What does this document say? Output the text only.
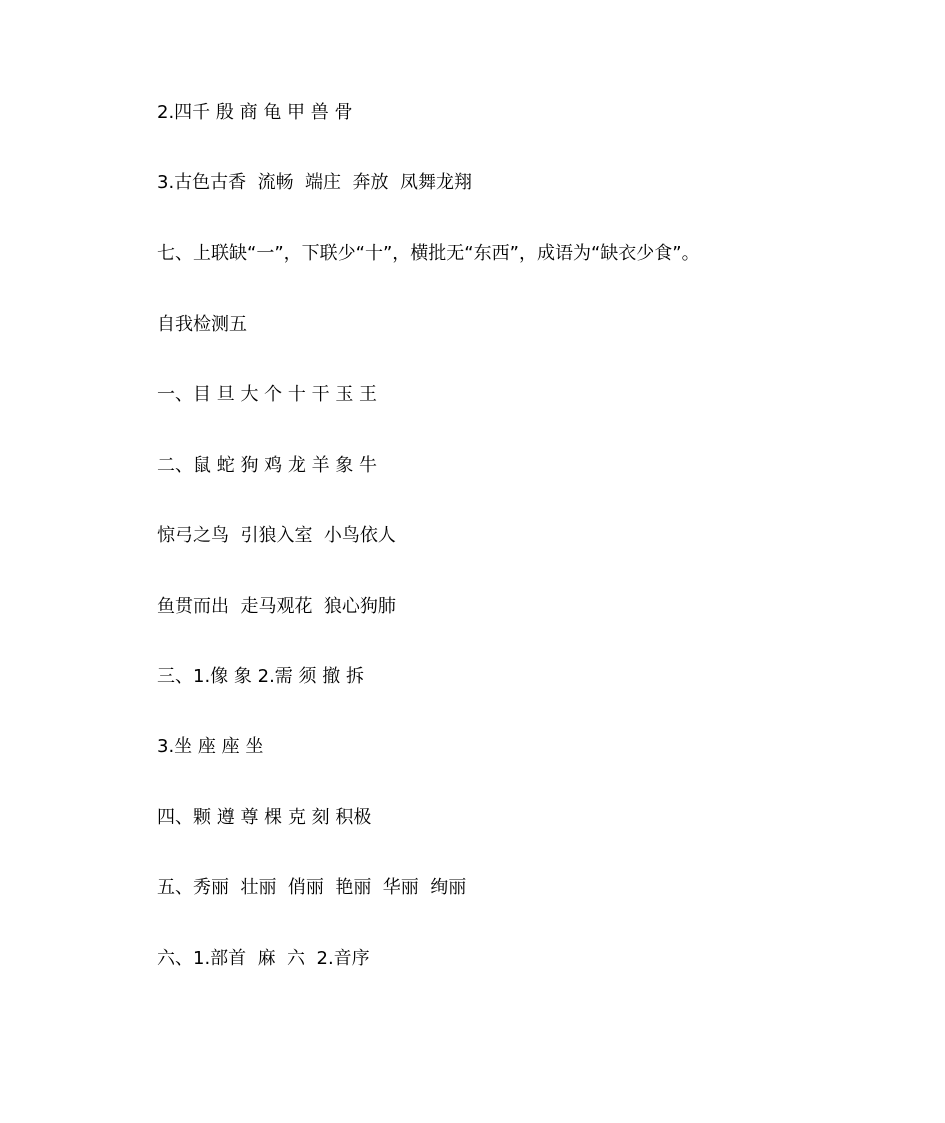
2.四千 殷 商 龟 甲 兽 骨
3.古色古香  流畅  端庄  奔放  凤舞龙翔
七、上联缺“一”，下联少“十”，横批无“东西”，成语为“缺衣少食”。
自我检测五
一、目 旦 大 个 十 干 玉 王
二、鼠 蛇 狗 鸡 龙 羊 象 牛
惊弓之鸟  引狼入室  小鸟依人
鱼贯而出  走马观花  狼心狗肺
三、1.像 象 2.需 须 撤 拆
3.坐 座 座 坐
四、颗 遵 尊 棵 克 刻 积极
五、秀丽  壮丽  俏丽  艳丽  华丽  绚丽
六、1.部首  麻  六  2.音序
